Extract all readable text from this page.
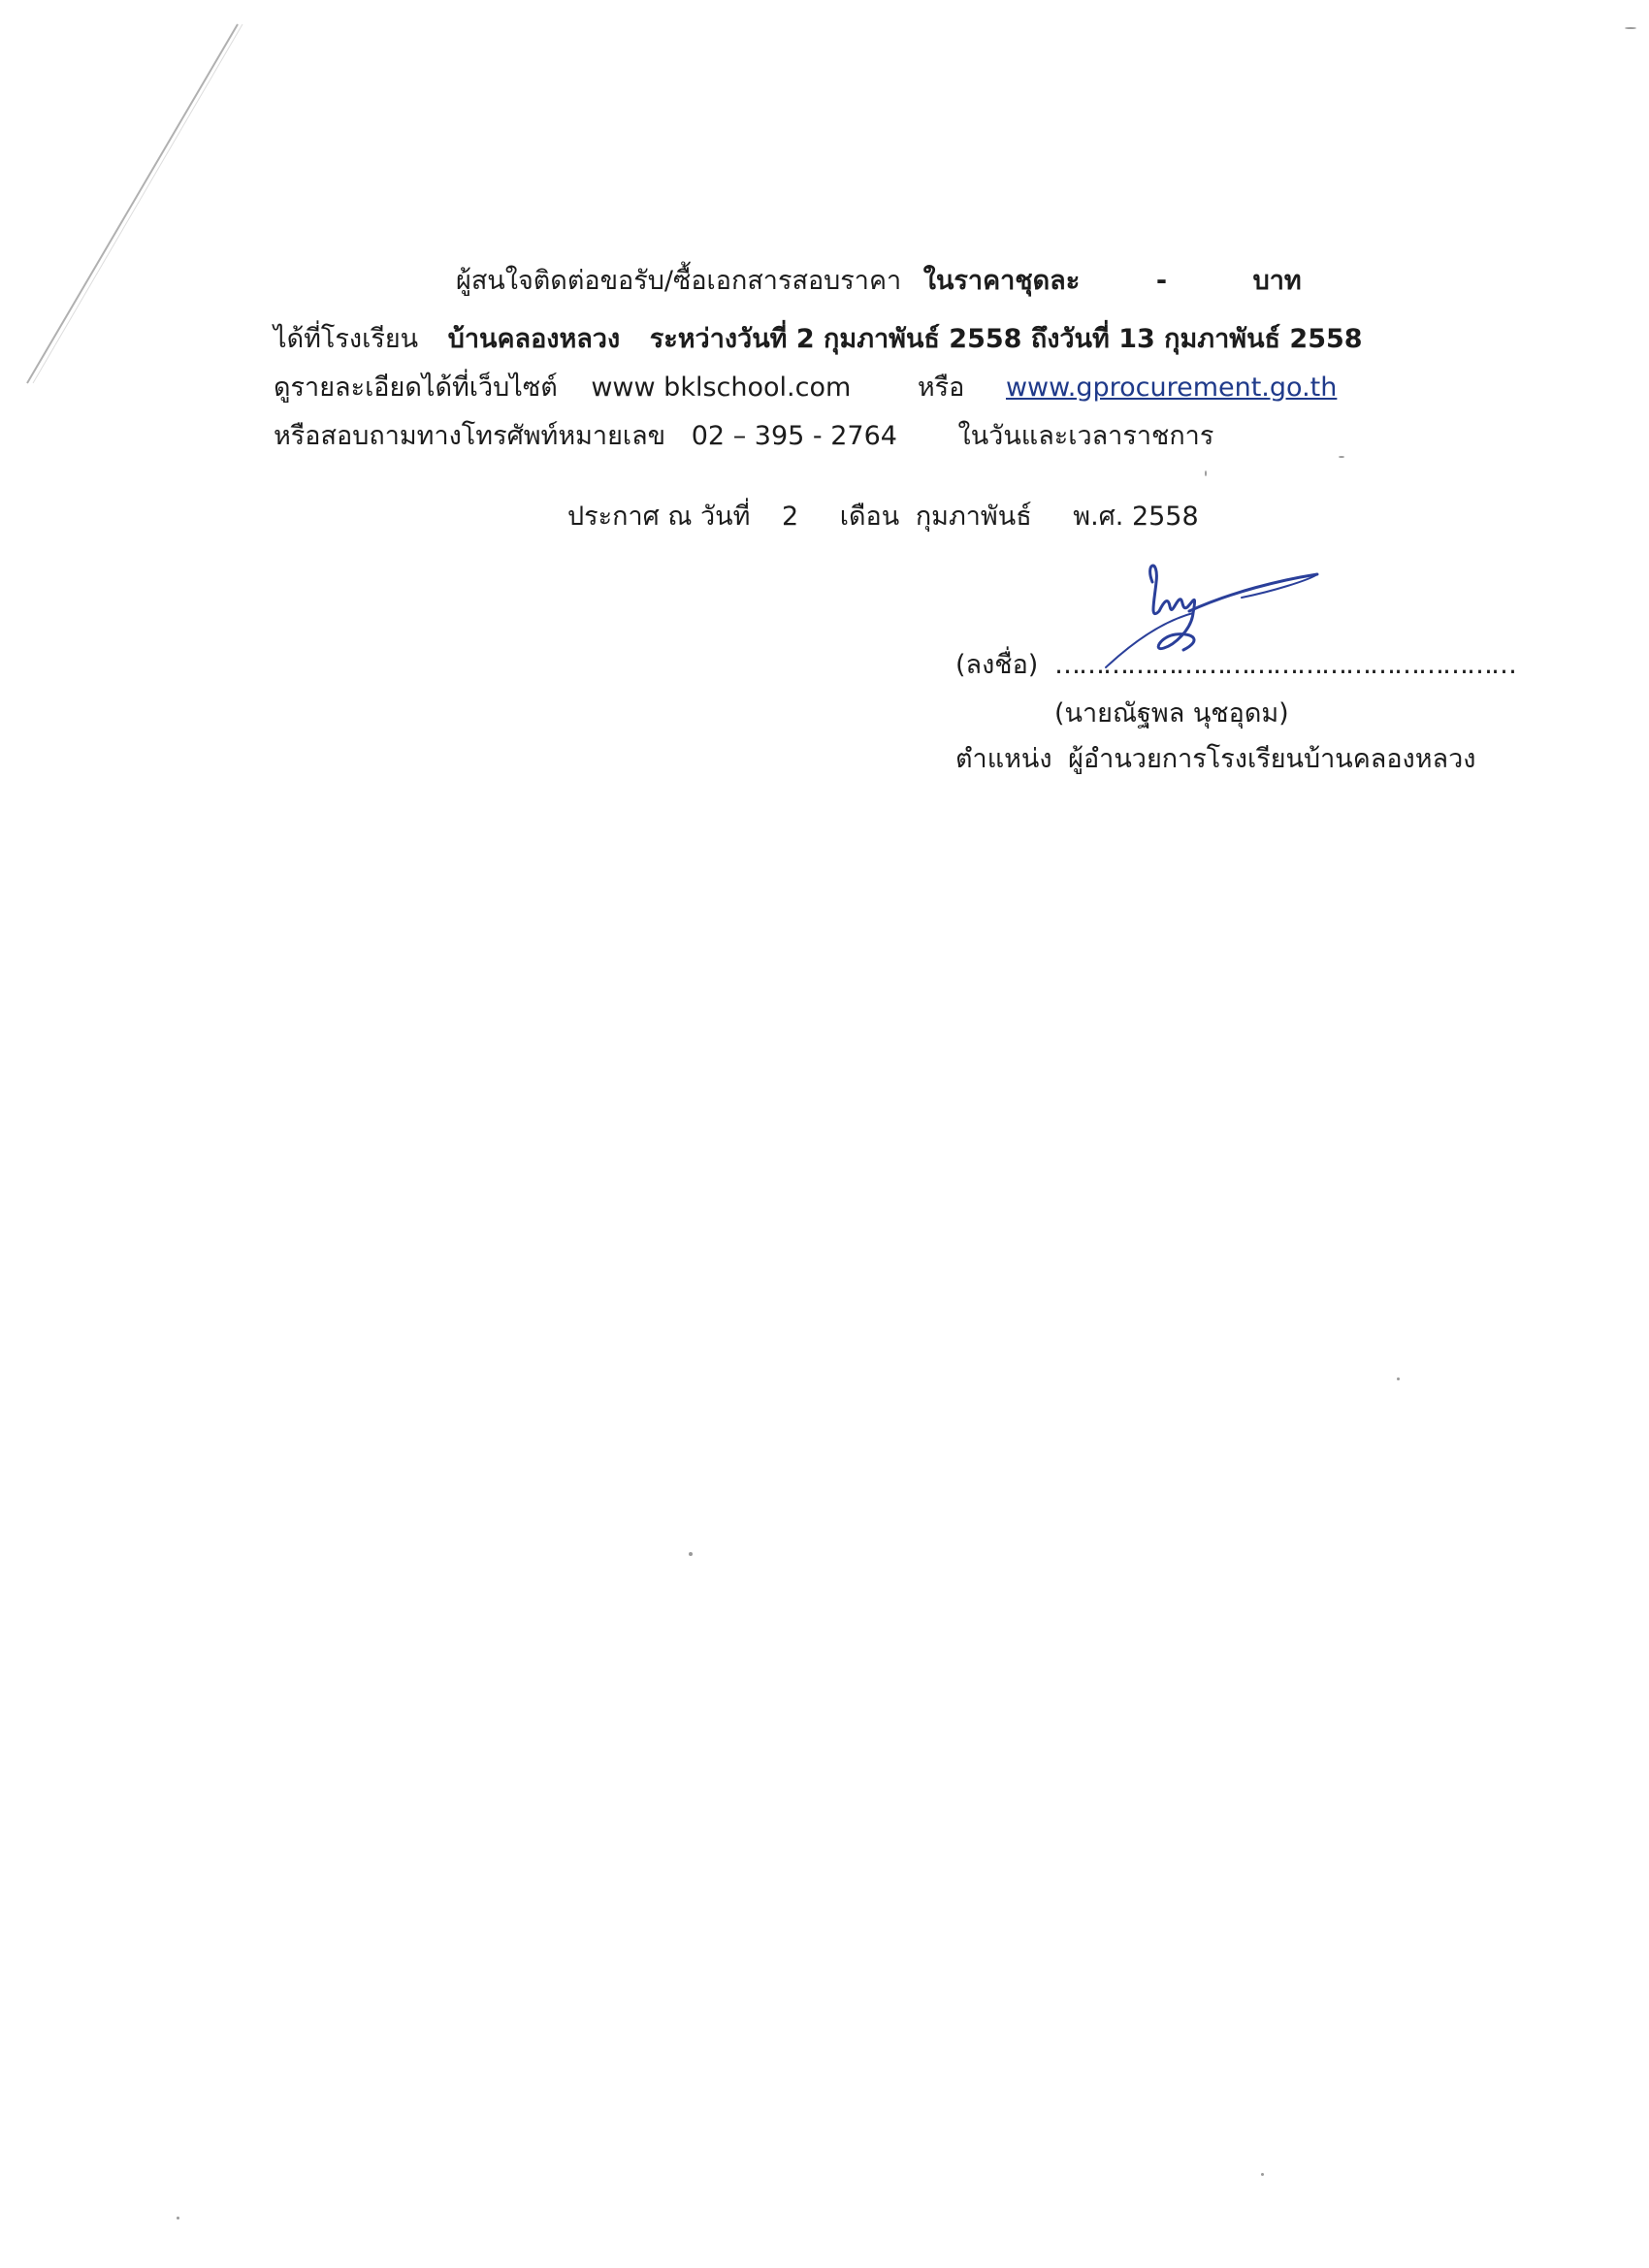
ผู้สนใจติดต่อขอรับ/ซื้อเอกสารสอบราคา ในราคาชุดละ	-	บาท
ได้ที่โรงเรียน บ้านคลองหลวง ระหว่างวันที่ 2 กุมภาพันธ์ 2558 ถึงวันที่ 13 กุมภาพันธ์ 2558
ดูรายละเอียดได้ที่เว็บไซต์ www bklschool.com	หรือ www.gprocurement.go.th
หรือสอบถามทางโทรศัพท์หมายเลข 02 – 395 - 2764 ในวันและเวลาราชการ
ประกาศ ณ วันที่ 2 เดือน กุมภาพันธ์ พ.ศ. 2558
(ลงชื่อ) …………………………………………………
(นายณัฐพล นุชอุดม)
ตำแหน่ง ผู้อำนวยการโรงเรียนบ้านคลองหลวง
